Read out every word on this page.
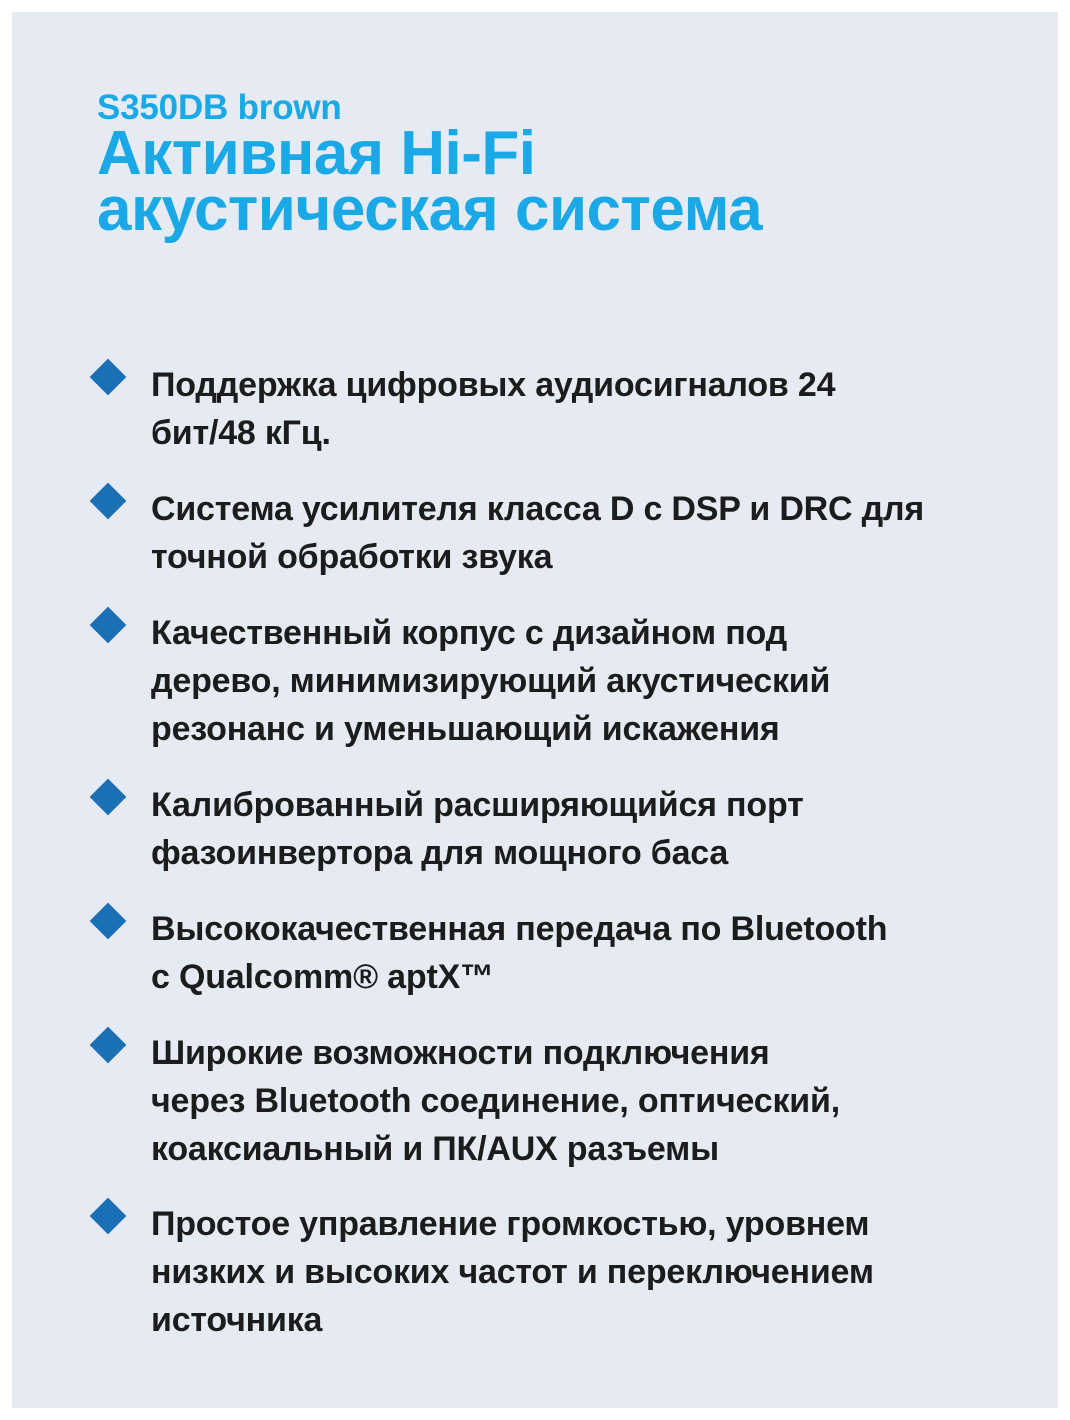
S350DB brown
Активная Hi-Fi
акустическая система
Поддержка цифровых аудиосигналов 24
бит/48 кГц.
Система усилителя класса D с DSP и DRC для
точной обработки звука
Качественный корпус с дизайном под
дерево, минимизирующий акустический
резонанс и уменьшающий искажения
Калиброванный расширяющийся порт
фазоинвертора для мощного баса
Высококачественная передача по Bluetooth
с Qualcomm® aptX™
Широкие возможности подключения
через Bluetooth соединение, оптический,
коаксиальный и ПК/AUX разъемы
Простое управление громкостью, уровнем
низких и высоких частот и переключением
источника
